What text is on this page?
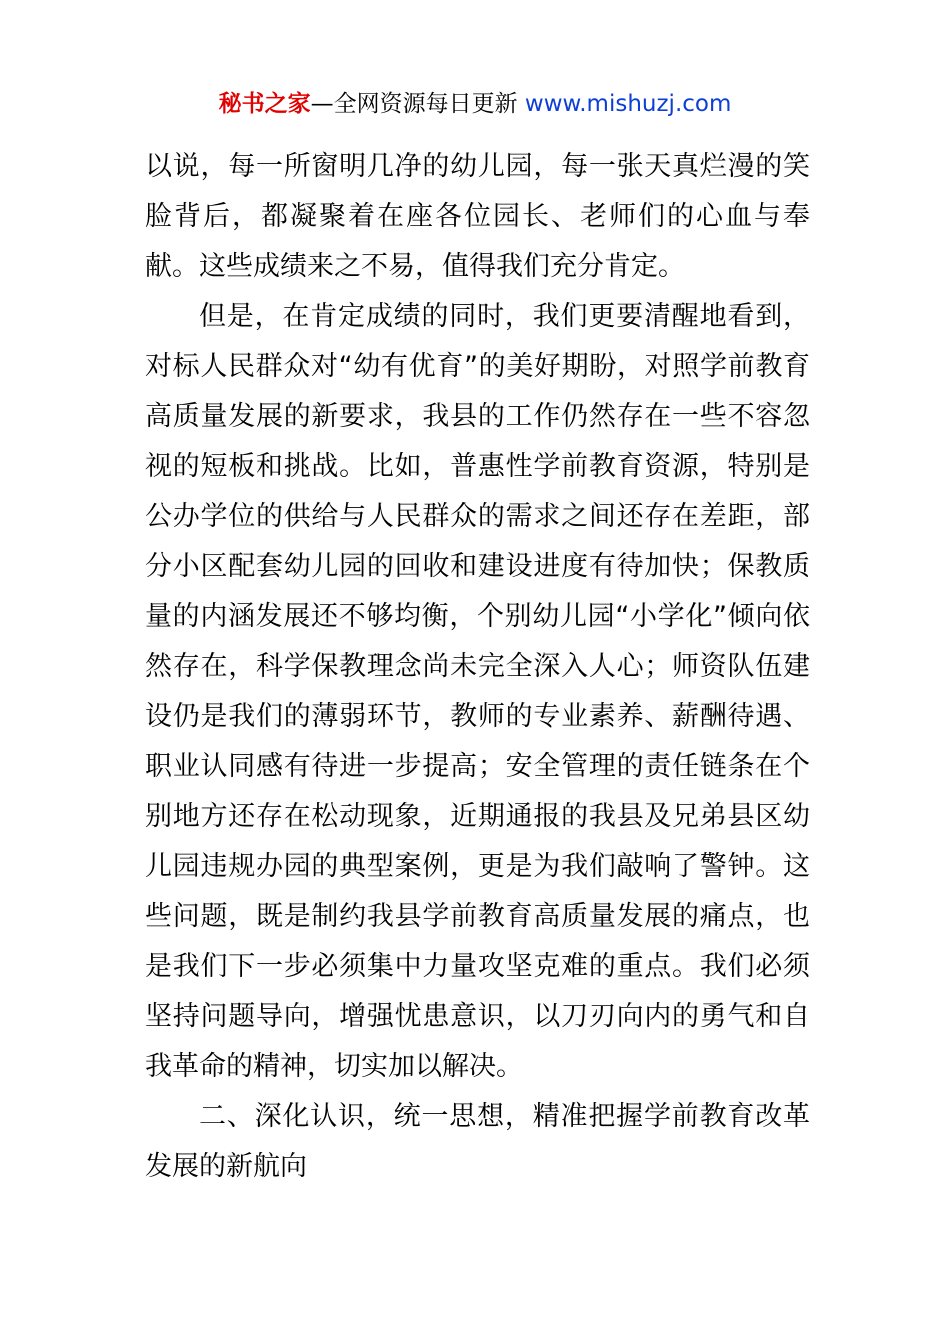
秘书之家—全网资源每日更新 www.mishuzj.com

以说，每一所窗明几净的幼儿园，每一张天真烂漫的笑脸背后，都凝聚着在座各位园长、老师们的心血与奉献。这些成绩来之不易，值得我们充分肯定。

但是，在肯定成绩的同时，我们更要清醒地看到，对标人民群众对“幼有优育”的美好期盼，对照学前教育高质量发展的新要求，我县的工作仍然存在一些不容忽视的短板和挑战。比如，普惠性学前教育资源，特别是公办学位的供给与人民群众的需求之间还存在差距，部分小区配套幼儿园的回收和建设进度有待加快；保教质量的内涵发展还不够均衡，个别幼儿园“小学化”倾向依然存在，科学保教理念尚未完全深入人心；师资队伍建设仍是我们的薄弱环节，教师的专业素养、薪酬待遇、职业认同感有待进一步提高；安全管理的责任链条在个别地方还存在松动现象，近期通报的我县及兄弟县区幼儿园违规办园的典型案例，更是为我们敲响了警钟。这些问题，既是制约我县学前教育高质量发展的痛点，也是我们下一步必须集中力量攻坚克难的重点。我们必须坚持问题导向，增强忧患意识，以刀刃向内的勇气和自我革命的精神，切实加以解决。

二、深化认识，统一思想，精准把握学前教育改革发展的新航向
